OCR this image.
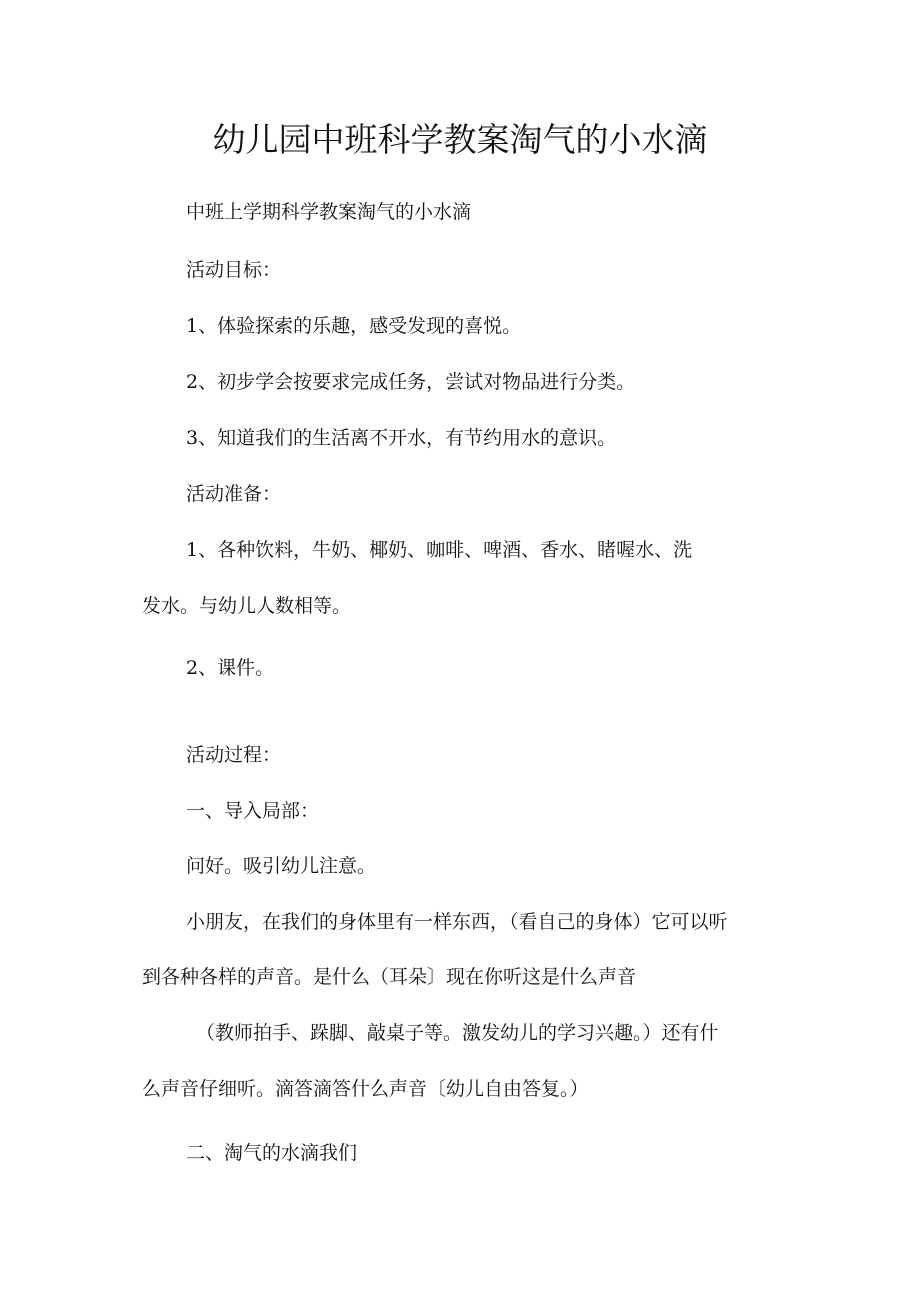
幼儿园中班科学教案淘气的小水滴
中班上学期科学教案淘气的小水滴
活动目标：
1、体验探索的乐趣，感受发现的喜悦。
2、初步学会按要求完成任务，尝试对物品进行分类。
3、知道我们的生活离不开水，有节约用水的意识。
活动准备：
1、各种饮料，牛奶、椰奶、咖啡、啤酒、香水、睹喔水、洗
发水。与幼儿人数相等。
2、课件。
活动过程：
一、导入局部：
问好。吸引幼儿注意。
小朋友，在我们的身体里有一样东西，（看自己的身体）它可以听
到各种各样的声音。是什么（耳朵〕现在你听这是什么声音
（教师拍手、跺脚、敲桌子等。激发幼儿的学习兴趣。）还有什
么声音仔细听。滴答滴答什么声音〔幼儿自由答复。）
二、淘气的水滴我们
